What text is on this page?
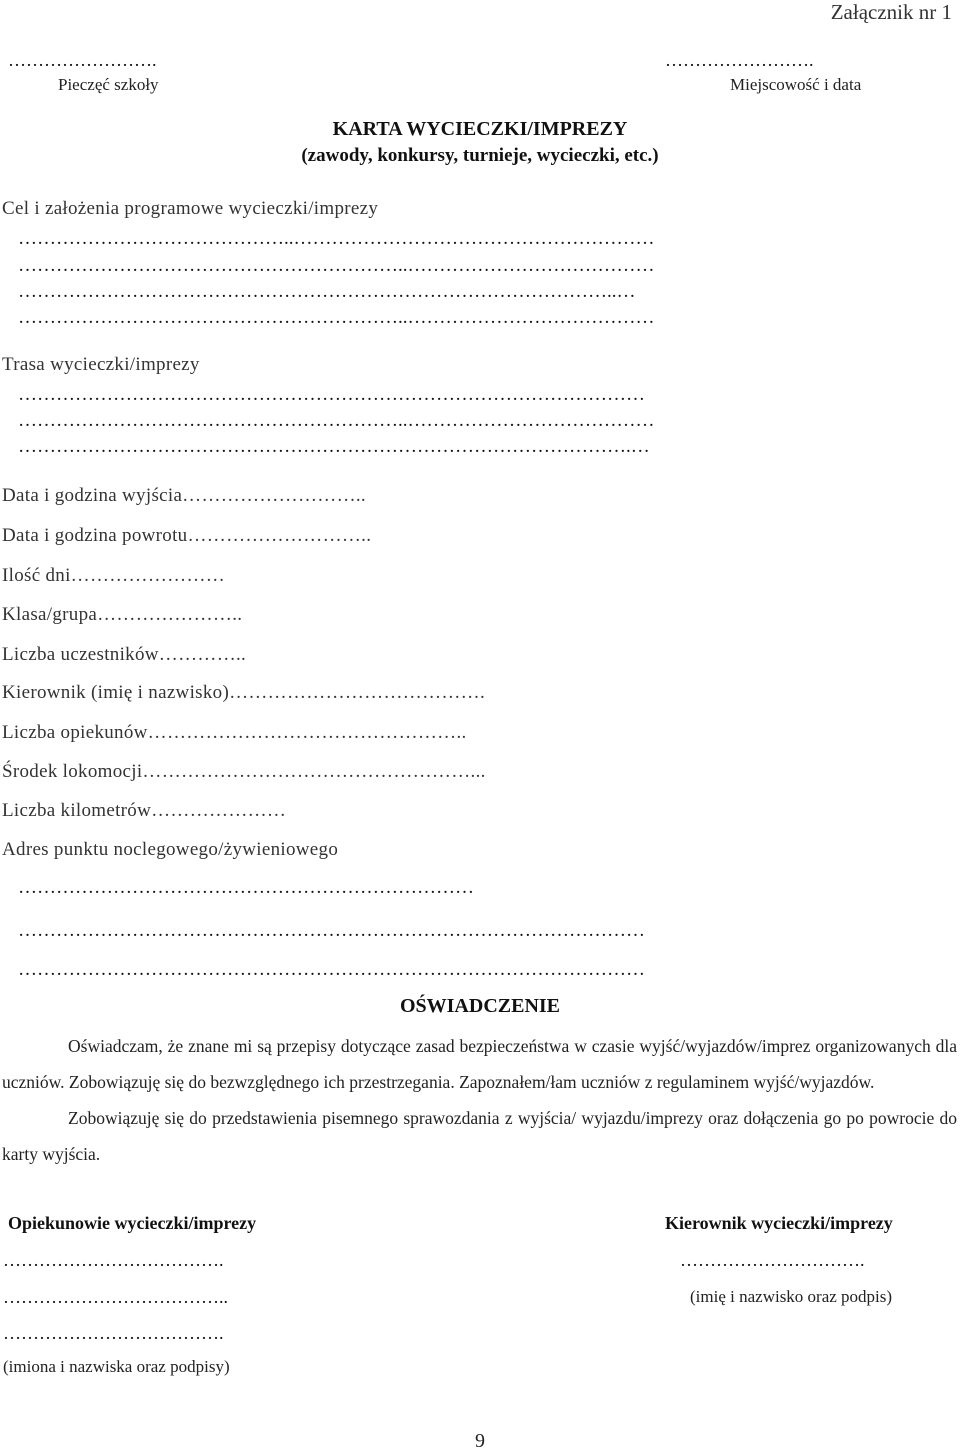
Załącznik nr 1
…………………….
Pieczęć szkoły
…………………….
Miejscowość i data
KARTA WYCIECZKI/IMPREZY
(zawody, konkursy, turnieje, wycieczki, etc.)
Cel i założenia programowe wycieczki/imprezy
……………………………………..…………………………………………………
……………………………………………………..…………………………………
…………………………………………………………………………………..…
……………………………………………………..…………………………………
Trasa wycieczki/imprezy
………………………………………………………………………………………
……………………………………………………..…………………………………
…………………………………………………………………………………….…
Data i godzina wyjścia………………………..
Data i godzina powrotu………………………..
Ilość dni……………………
Klasa/grupa…………………..
Liczba uczestników…………..
Kierownik (imię i nazwisko)………………………………….
Liczba opiekunów…………………………………………..
Środek lokomocji……………………………………………...
Liczba kilometrów…………………
Adres punktu noclegowego/żywieniowego
………………………………………………………………
………………………………………………………………………………………
………………………………………………………………………………………
OŚWIADCZENIE

Oświadczam, że znane mi są przepisy dotyczące zasad bezpieczeństwa w czasie wyjść/wyjazdów/imprez organizowanych dla uczniów. Zobowiązuję się do bezwzględnego ich przestrzegania. Zapoznałem/łam uczniów z regulaminem wyjść/wyjazdów.

Zobowiązuję się do przedstawienia pisemnego sprawozdania z wyjścia/ wyjazdu/imprezy oraz dołączenia go po powrocie do karty wyjścia.

Opiekunowie wycieczki/imprezy	Kierownik wycieczki/imprezy
……………………………….
………………………………..
……………………………….
(imiona i nazwiska oraz podpisy)
………………………….
(imię i nazwisko oraz podpis)
9
